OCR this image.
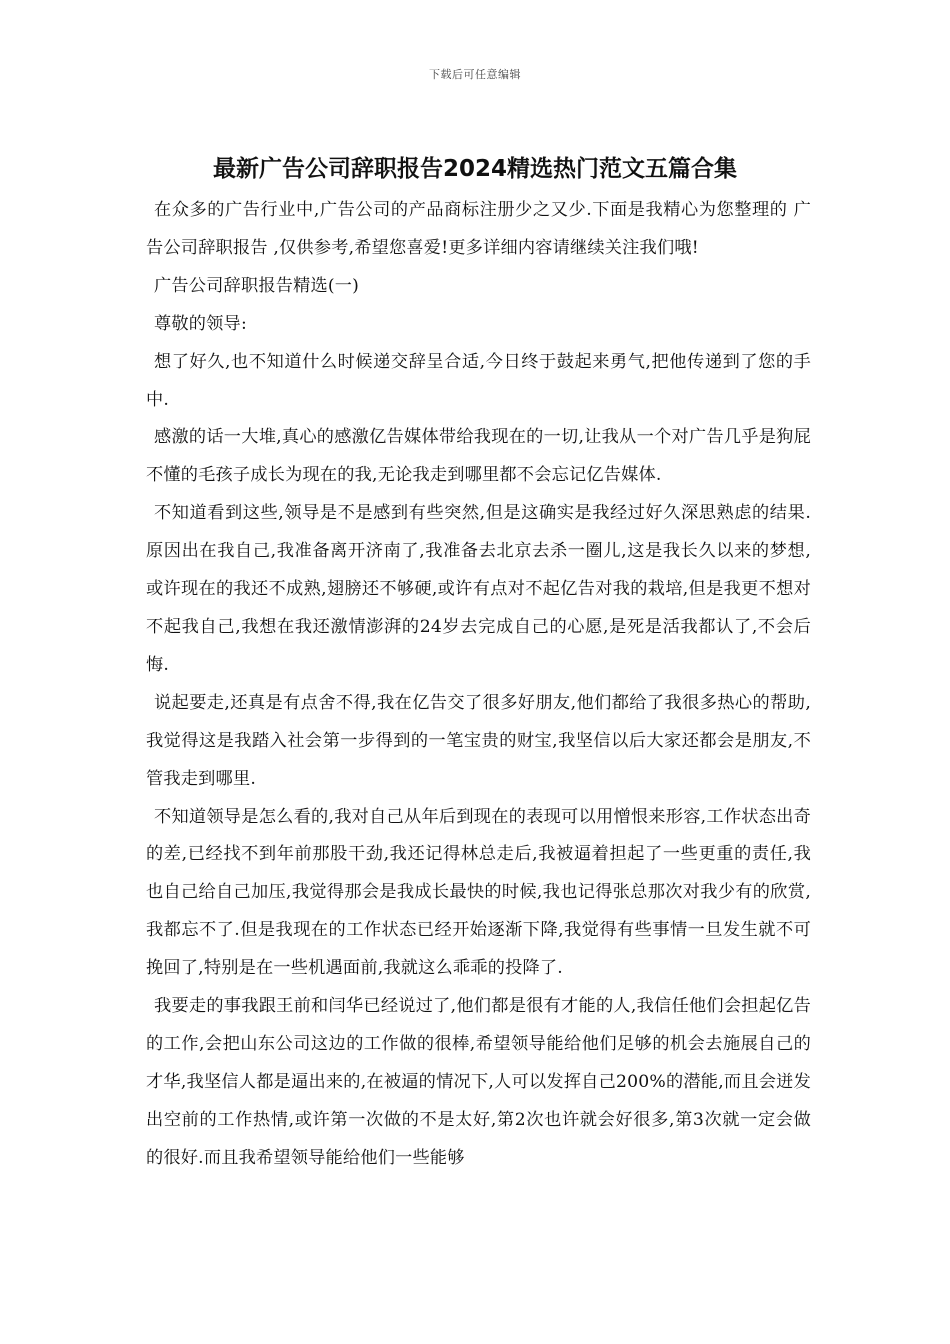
下载后可任意编辑
最新广告公司辞职报告2024精选热门范文五篇合集

在众多的广告行业中,广告公司的产品商标注册少之又少.下面是我精心为您整理的 广告公司辞职报告 ,仅供参考,希望您喜爱!更多详细内容请继续关注我们哦!

广告公司辞职报告精选(一)

尊敬的领导:

想了好久,也不知道什么时候递交辞呈合适,今日终于鼓起来勇气,把他传递到了您的手中.

感激的话一大堆,真心的感激亿告媒体带给我现在的一切,让我从一个对广告几乎是狗屁不懂的毛孩子成长为现在的我,无论我走到哪里都不会忘记亿告媒体.

不知道看到这些,领导是不是感到有些突然,但是这确实是我经过好久深思熟虑的结果.原因出在我自己,我准备离开济南了,我准备去北京去杀一圈儿,这是我长久以来的梦想,或许现在的我还不成熟,翅膀还不够硬,或许有点对不起亿告对我的栽培,但是我更不想对不起我自己,我想在我还激情澎湃的24岁去完成自己的心愿,是死是活我都认了,不会后悔.

说起要走,还真是有点舍不得,我在亿告交了很多好朋友,他们都给了我很多热心的帮助,我觉得这是我踏入社会第一步得到的一笔宝贵的财宝,我坚信以后大家还都会是朋友,不管我走到哪里.

不知道领导是怎么看的,我对自己从年后到现在的表现可以用憎恨来形容,工作状态出奇的差,已经找不到年前那股干劲,我还记得林总走后,我被逼着担起了一些更重的责任,我也自己给自己加压,我觉得那会是我成长最快的时候,我也记得张总那次对我少有的欣赏,我都忘不了.但是我现在的工作状态已经开始逐渐下降,我觉得有些事情一旦发生就不可挽回了,特别是在一些机遇面前,我就这么乖乖的投降了.

我要走的事我跟王前和闫华已经说过了,他们都是很有才能的人,我信任他们会担起亿告的工作,会把山东公司这边的工作做的很棒,希望领导能给他们足够的机会去施展自己的才华,我坚信人都是逼出来的,在被逼的情况下,人可以发挥自己200%的潜能,而且会迸发出空前的工作热情,或许第一次做的不是太好,第2次也许就会好很多,第3次就一定会做的很好.而且我希望领导能给他们一些能够
